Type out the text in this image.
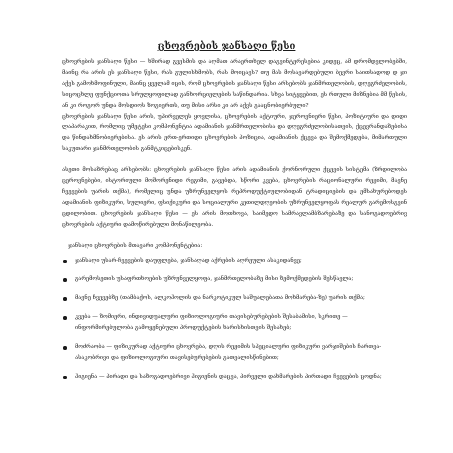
ცხოვრების ჯანსაღი წესი

ცხოვრების ჯანსაღი წესი — ხშირად გვესმის და აღმათ არაერთხელ დაგვინტერესებია კიდეც, ამ დრომდვლობებში, მაინც რა არის ეს ჯანსაღი წესი, რას გულისხმობს, რას მოიცავს? თუ მას მოსავარდებული ბევრი საითსადოდ დ ჯი აქვს გამოხმოფინული, მაინც ყველამ იცის, რომ ცხოვრების ჯანსაღი წესი არსებობს ჯანმრთელობის, დღეგრძელობის, სიცოცხლე ფუნქციოთა სრულყოფილად განხორციელების საწინდარია. სხვა სიტყვებით, ეს რთული მიზნებია მმ წესის, ან კი როგორ უნდა მოსდიოს ზოგიერთს, თუ მისი არსი კი არ აქვს გააცნობიერბული?

ცხოვრების ჯანსაღი წესი არის, უპირველეს ყოვლისა, ცხოვრების აქტიური, ჯეროვნიერი წესი, პოზიტიური და დიდი ლაპარაკით, რომლიც უმეტესი კომპონენტია ადამიანის ჯანმრთელობისა და დღეგრძელობისათვის, ქცევრანდაზებისა და წინდახმნობიერებისა. ეს არის ერთ-ერთიდი ცხოვრების პოზიცია, ადამიანის ქცევა და შემოქმედება, მიმართული საკუთარი ჯანმრთელობის განმტკიცებისკენ.

ასეთი მოსაზრებაც არსებობს: ცხოვრების ჯანსაღი წესი არის ადამიანის ქორნორული ქცევის სისტემა (ზრდილობა ცეროვნებები, ისტორიული მოშორენიდი რეგიმი, გავებდა, სწორი კვება, ცხოვრების რაციონალური რეჟიმი, მავნე ჩვევების უარის თქმა), რომელიც უნდა უზრუნველყოს რეპროდუქტიულობიდან ტრადიციების და ემსახურებოდეს ადამიანის ფიზიკური, სულიერი, ფსიქიკური და სოციალური კეთილდღეობის უზრუნველყოფას რეალურ გარემოსგვინ ცდილობით. ცხოვრების ჯანსაღი წესი — ეს არის მოთხოვა, საიმედო სამრავლამბზარებაზე და სანოგადოებრივ ცხოვრების აქტიური დამოწირებული მონაწილეობა.

ჯანსაღი ცხოვრების მთავარი კომპონენტებია:

ჯანსაღი უსარ-ჩვევების დაუფლება, ჯანსაღად აქრების აღრეული ასაკიდანვე;
გარემოსეთის უსაფრთხოების უზრუნველყოფა, ჯანმრთელობაზე მისი ზემოქმედების შესწავლა;
მავნე ჩვევებზე (თამბაქოს, ალკოჰოლის და ნარკოტიკულ საშუალებათა მოხმარება-ზე) უარის თქმა;
კვება — ზომიერი, ინდივიდუალური ფიზიოლოგიური თავისებურებების შესაბამისი, სკრითე — ინფორმირებულობა გამოყენებული პროდუქტების ხარისხისთვის შესახებ;
მოძრაობა — ფიზიკურად აქტიური ცხოვრება, დღის რეჟიმის სპეციალური ფიზიკური ვარჯიშების ჩართვა-ასაკობრივი და ფიზიოლოგიური თავისებურებების გათვალისწინებით;
ჰიგიენა — პირადი და საზოგადოებრივი ჰიგიენის დაცვა, პირველი დახმარების პირთადი ჩვევების ცოდნა;
